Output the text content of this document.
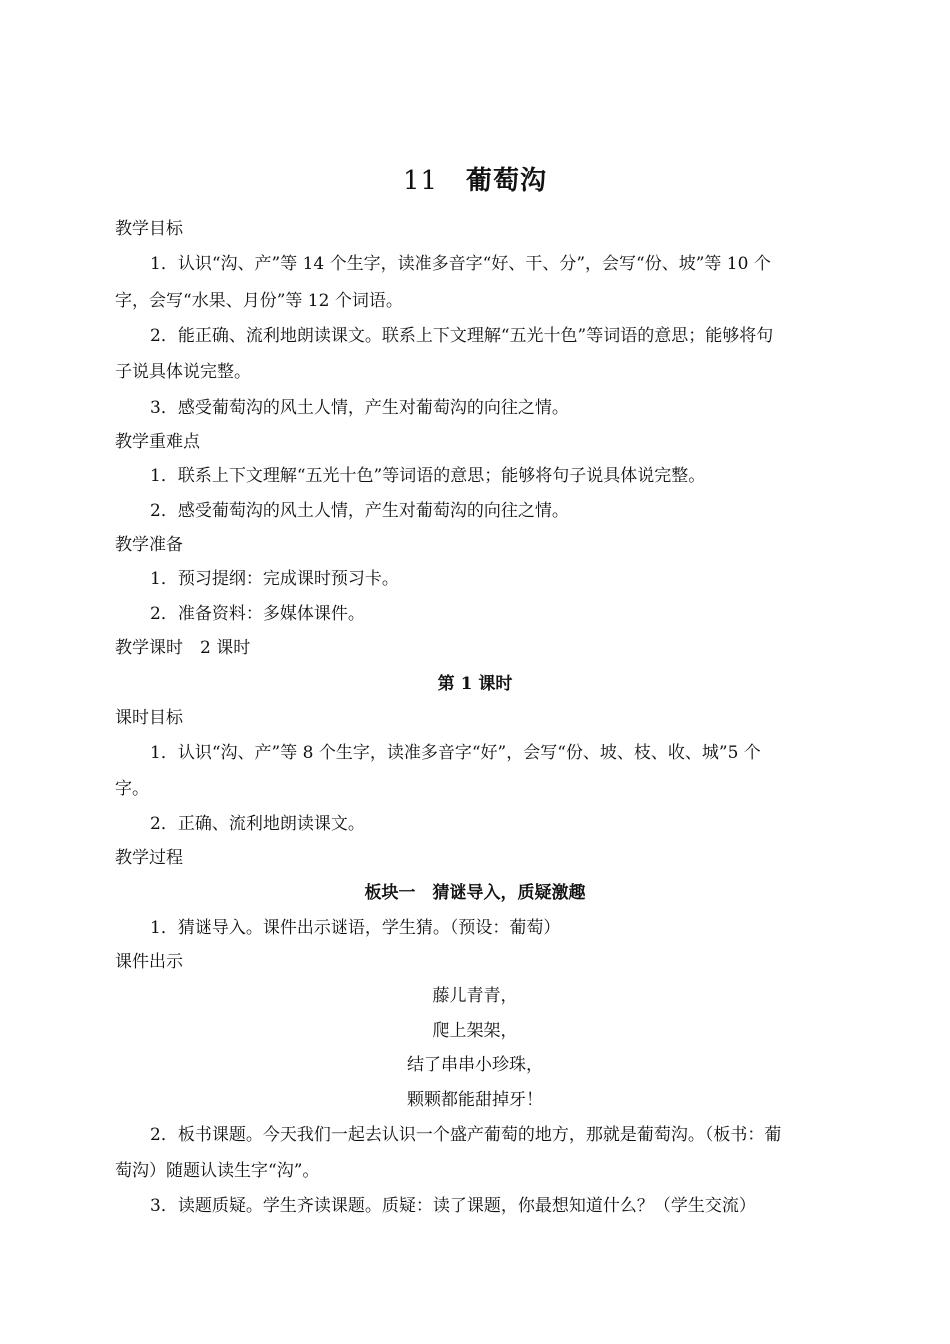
11 葡萄沟
教学目标
1．认识“沟、产”等 14 个生字，读准多音字“好、干、分”，会写“份、坡”等 10 个
字，会写“水果、月份”等 12 个词语。
2．能正确、流利地朗读课文。联系上下文理解“五光十色”等词语的意思；能够将句
子说具体说完整。
3．感受葡萄沟的风土人情，产生对葡萄沟的向往之情。
教学重难点
1．联系上下文理解“五光十色”等词语的意思；能够将句子说具体说完整。
2．感受葡萄沟的风土人情，产生对葡萄沟的向往之情。
教学准备
1．预习提纲：完成课时预习卡。
2．准备资料：多媒体课件。
教学课时　2 课时
第 1 课时
课时目标
1．认识“沟、产”等 8 个生字，读准多音字“好”，会写“份、坡、枝、收、城”5 个
字。
2．正确、流利地朗读课文。
教学过程
板块一　猜谜导入，质疑激趣
1．猜谜导入。课件出示谜语，学生猜。（预设：葡萄）
课件出示
藤儿青青，
爬上架架，
结了串串小珍珠，
颗颗都能甜掉牙！
2．板书课题。今天我们一起去认识一个盛产葡萄的地方，那就是葡萄沟。（板书：葡
萄沟）随题认读生字“沟”。
3．读题质疑。学生齐读课题。质疑：读了课题，你最想知道什么？（学生交流）
